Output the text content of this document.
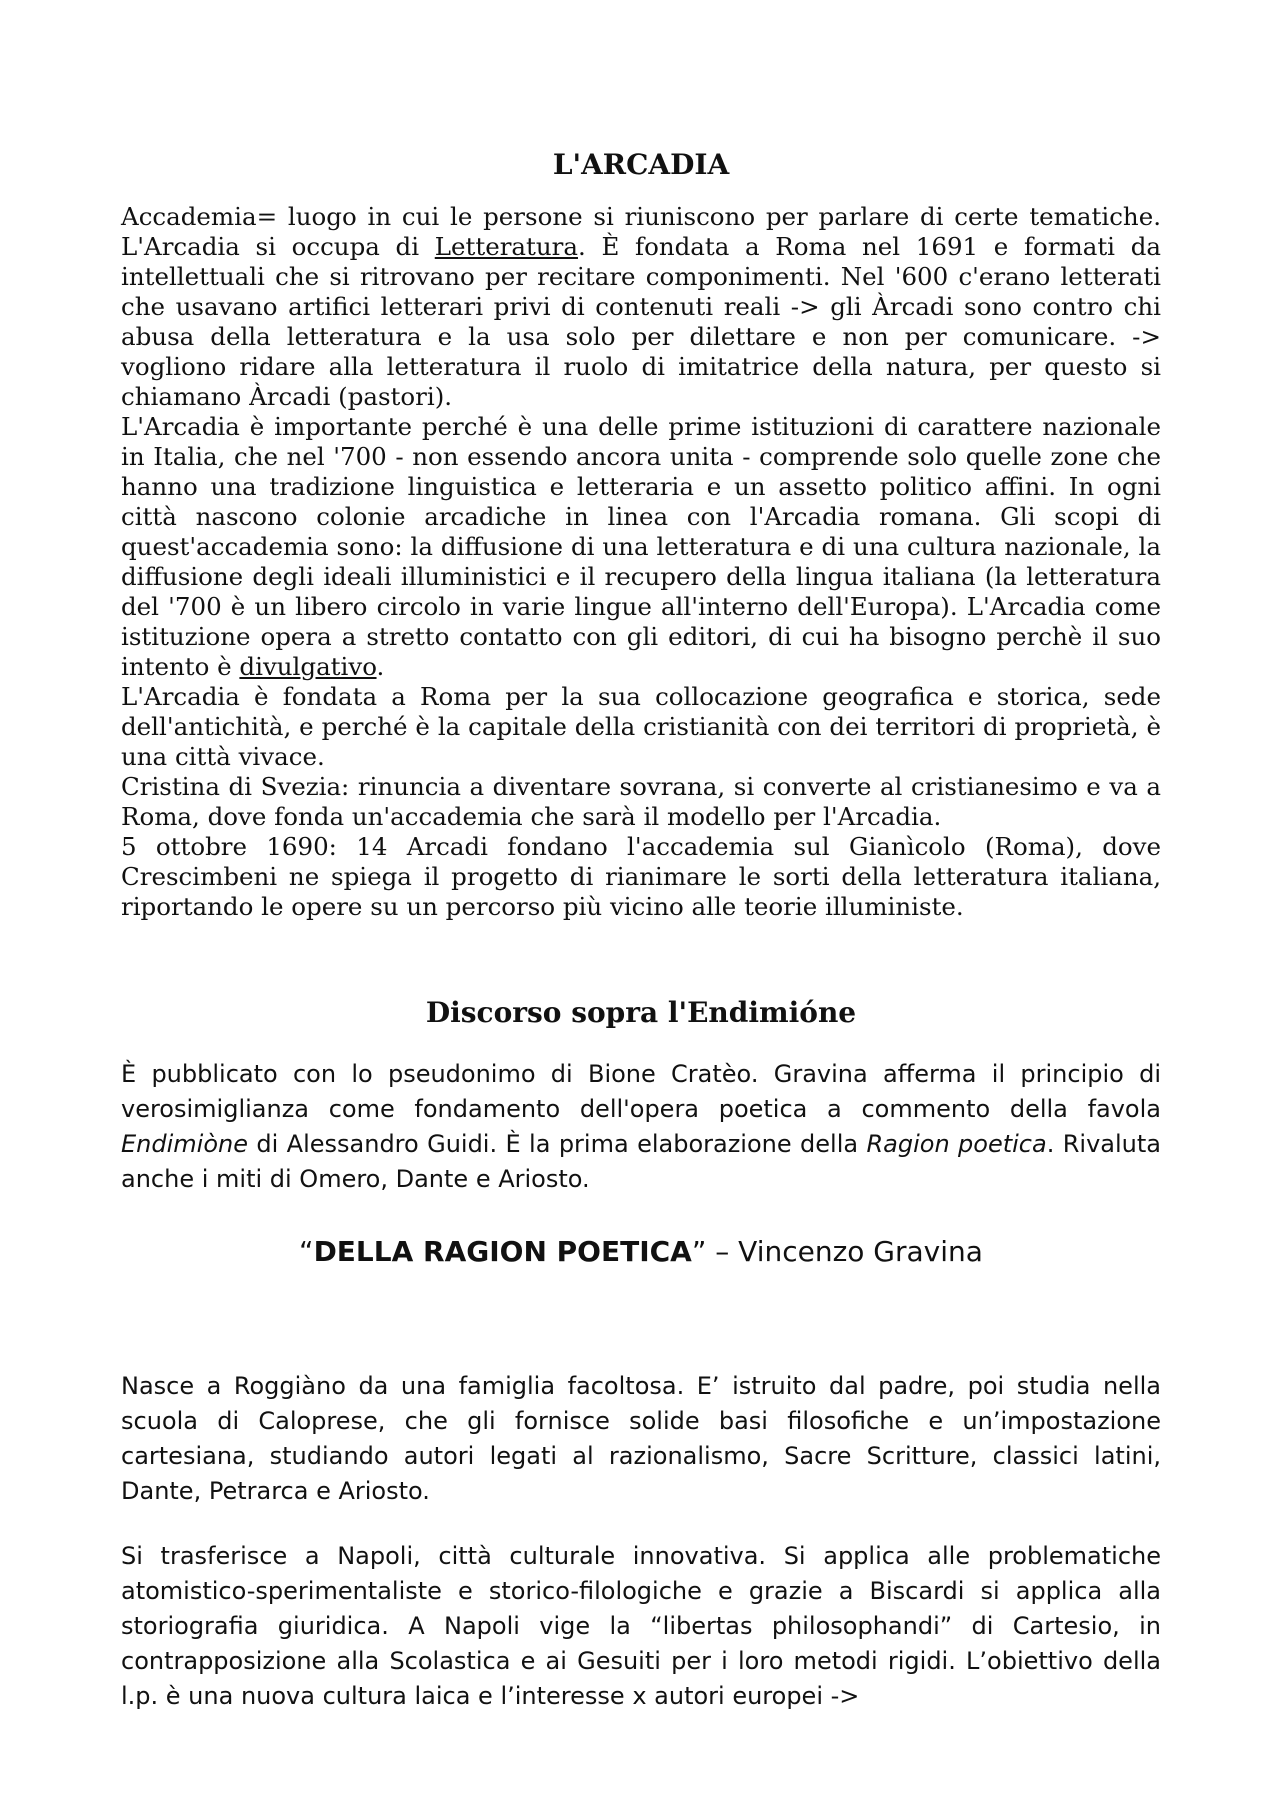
L'ARCADIA

Accademia= luogo in cui le persone si riuniscono per parlare di certe tematiche. L'Arcadia si occupa di Letteratura. È fondata a Roma nel 1691 e formati da intellettuali che si ritrovano per recitare componimenti. Nel '600 c'erano letterati che usavano artifici letterari privi di contenuti reali -> gli Àrcadi sono contro chi abusa della letteratura e la usa solo per dilettare e non per comunicare. -> vogliono ridare alla letteratura il ruolo di imitatrice della natura, per questo si chiamano Àrcadi (pastori).

L'Arcadia è importante perché è una delle prime istituzioni di carattere nazionale in Italia, che nel '700 - non essendo ancora unita - comprende solo quelle zone che hanno una tradizione linguistica e letteraria e un assetto politico affini. In ogni città nascono colonie arcadiche in linea con l'Arcadia romana. Gli scopi di quest'accademia sono: la diffusione di una letteratura e di una cultura nazionale, la diffusione degli ideali illuministici e il recupero della lingua italiana (la letteratura del '700 è un libero circolo in varie lingue all'interno dell'Europa). L'Arcadia come istituzione opera a stretto contatto con gli editori, di cui ha bisogno perchè il suo intento è divulgativo.

L'Arcadia è fondata a Roma per la sua collocazione geografica e storica, sede dell'antichità, e perché è la capitale della cristianità con dei territori di proprietà, è una città vivace.

Cristina di Svezia: rinuncia a diventare sovrana, si converte al cristianesimo e va a Roma, dove fonda un'accademia che sarà il modello per l'Arcadia.

5 ottobre 1690: 14 Arcadi fondano l'accademia sul Gianìcolo (Roma), dove Crescimbeni ne spiega il progetto di rianimare le sorti della letteratura italiana, riportando le opere su un percorso più vicino alle teorie illuministe.

Discorso sopra l'Endimióne

È pubblicato con lo pseudonimo di Bione Cratèo. Gravina afferma il principio di verosimiglianza come fondamento dell'opera poetica a commento della favola Endimiòne di Alessandro Guidi. È la prima elaborazione della Ragion poetica. Rivaluta anche i miti di Omero, Dante e Ariosto.

“DELLA RAGION POETICA” – Vincenzo Gravina

Nasce a Roggiàno da una famiglia facoltosa. E’ istruito dal padre, poi studia nella scuola di Caloprese, che gli fornisce solide basi filosofiche e un’impostazione cartesiana, studiando autori legati al razionalismo, Sacre Scritture, classici latini, Dante, Petrarca e Ariosto.

Si trasferisce a Napoli, città culturale innovativa. Si applica alle problematiche atomistico-sperimentaliste e storico-filologiche e grazie a Biscardi si applica alla storiografia giuridica. A Napoli vige la “libertas philosophandi” di Cartesio, in contrapposizione alla Scolastica e ai Gesuiti per i loro metodi rigidi. L’obiettivo della l.p. è una nuova cultura laica e l’interesse x autori europei ->
